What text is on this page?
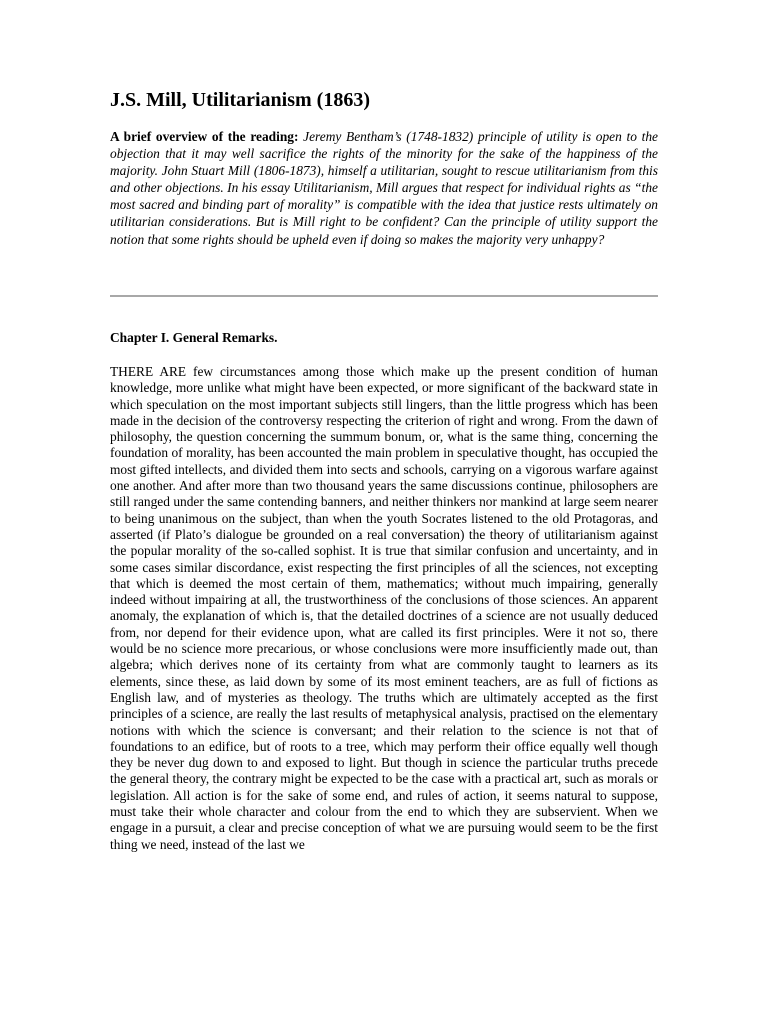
J.S. Mill, Utilitarianism (1863)

A brief overview of the reading: Jeremy Bentham’s (1748-1832) principle of utility is open to the objection that it may well sacrifice the rights of the minority for the sake of the happiness of the majority. John Stuart Mill (1806-1873), himself a utilitarian, sought to rescue utilitarianism from this and other objections. In his essay Utilitarianism, Mill argues that respect for individual rights as “the most sacred and binding part of morality” is compatible with the idea that justice rests ultimately on utilitarian considerations. But is Mill right to be confident? Can the principle of utility support the notion that some rights should be upheld even if doing so makes the majority very unhappy?

Chapter I. General Remarks.

THERE ARE few circumstances among those which make up the present condition of human knowledge, more unlike what might have been expected, or more significant of the backward state in which speculation on the most important subjects still lingers, than the little progress which has been made in the decision of the controversy respecting the criterion of right and wrong. From the dawn of philosophy, the question concerning the summum bonum, or, what is the same thing, concerning the foundation of morality, has been accounted the main problem in speculative thought, has occupied the most gifted intellects, and divided them into sects and schools, carrying on a vigorous warfare against one another. And after more than two thousand years the same discussions continue, philosophers are still ranged under the same contending banners, and neither thinkers nor mankind at large seem nearer to being unanimous on the subject, than when the youth Socrates listened to the old Protagoras, and asserted (if Plato’s dialogue be grounded on a real conversation) the theory of utilitarianism against the popular morality of the so-called sophist. It is true that similar confusion and uncertainty, and in some cases similar discordance, exist respecting the first principles of all the sciences, not excepting that which is deemed the most certain of them, mathematics; without much impairing, generally indeed without impairing at all, the trustworthiness of the conclusions of those sciences. An apparent anomaly, the explanation of which is, that the detailed doctrines of a science are not usually deduced from, nor depend for their evidence upon, what are called its first principles. Were it not so, there would be no science more precarious, or whose conclusions were more insufficiently made out, than algebra; which derives none of its certainty from what are commonly taught to learners as its elements, since these, as laid down by some of its most eminent teachers, are as full of fictions as English law, and of mysteries as theology. The truths which are ultimately accepted as the first principles of a science, are really the last results of metaphysical analysis, practised on the elementary notions with which the science is conversant; and their relation to the science is not that of foundations to an edifice, but of roots to a tree, which may perform their office equally well though they be never dug down to and exposed to light. But though in science the particular truths precede the general theory, the contrary might be expected to be the case with a practical art, such as morals or legislation. All action is for the sake of some end, and rules of action, it seems natural to suppose, must take their whole character and colour from the end to which they are subservient. When we engage in a pursuit, a clear and precise conception of what we are pursuing would seem to be the first thing we need, instead of the last we
